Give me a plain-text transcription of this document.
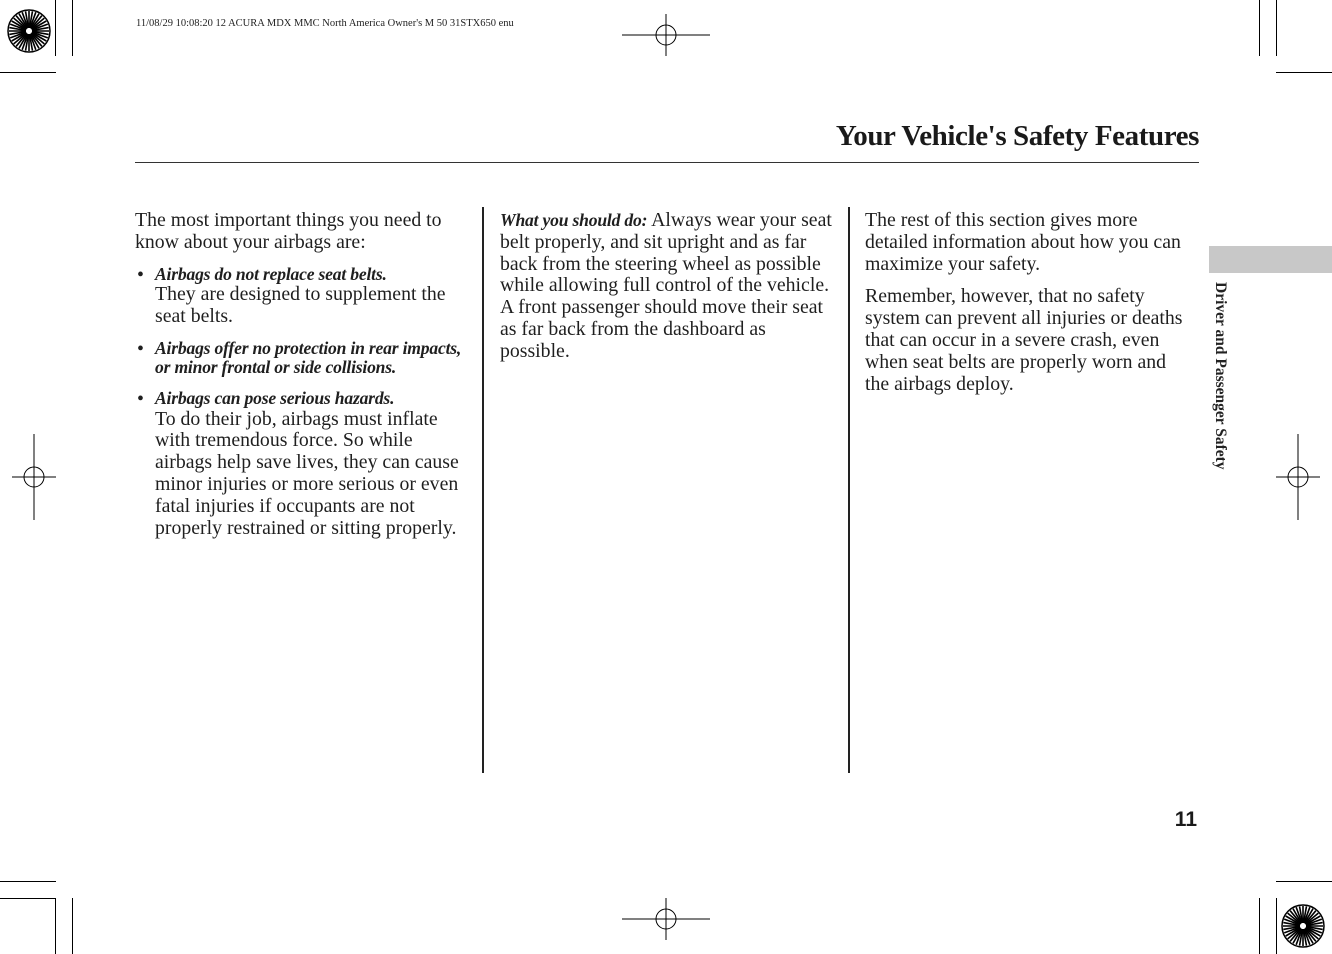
11/08/29 10:08:20 12 ACURA MDX MMC North America Owner's M 50 31STX650 enu
Your Vehicle's Safety Features

The most important things you need to know about your airbags are:

• Airbags do not replace seat belts.
They are designed to supplement the seat belts.
• Airbags offer no protection in rear impacts, or minor frontal or side collisions.
• Airbags can pose serious hazards.
To do their job, airbags must inflate with tremendous force. So while airbags help save lives, they can cause minor injuries or more serious or even fatal injuries if occupants are not properly restrained or sitting properly.

What you should do: Always wear your seat belt properly, and sit upright and as far back from the steering wheel as possible while allowing full control of the vehicle. A front passenger should move their seat as far back from the dashboard as possible.

The rest of this section gives more detailed information about how you can maximize your safety.

Remember, however, that no safety system can prevent all injuries or deaths that can occur in a severe crash, even when seat belts are properly worn and the airbags deploy.	Driver and Passenger Safety
11
